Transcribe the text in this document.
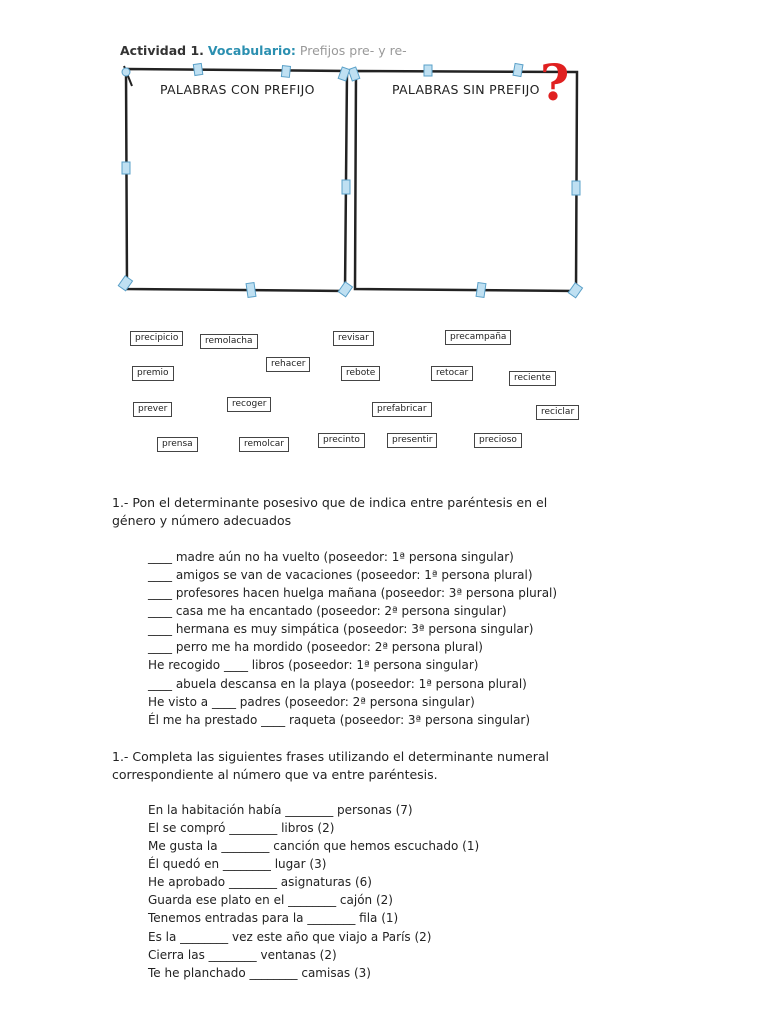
Actividad 1. Vocabulario: Prefijos pre- y re-
PALABRAS CON PREFIJO	PALABRAS SIN PREFIJO ?
precipicio	remolacha	revisar	precampaña
rehacer
premio	rebote	retocar	reciente
prever	recoger	prefabricar	reciclar
prensa	remolcar	precinto	presentir	precioso
1.- Pon el determinante posesivo que de indica entre paréntesis en el género y número adecuados
____ madre aún no ha vuelto (poseedor: 1ª persona singular)
____ amigos se van de vacaciones (poseedor: 1ª persona plural)
____ profesores hacen huelga mañana (poseedor: 3ª persona plural)
____ casa me ha encantado (poseedor: 2ª persona singular)
____ hermana es muy simpática (poseedor: 3ª persona singular)
____ perro me ha mordido (poseedor: 2ª persona plural)
He recogido ____ libros (poseedor: 1ª persona singular)
____ abuela descansa en la playa (poseedor: 1ª persona plural)
He visto a ____ padres (poseedor: 2ª persona singular)
Él me ha prestado ____ raqueta (poseedor: 3ª persona singular)
1.- Completa las siguientes frases utilizando el determinante numeral correspondiente al número que va entre paréntesis.
En la habitación había ________ personas (7)
El se compró ________ libros (2)
Me gusta la ________ canción que hemos escuchado (1)
Él quedó en ________ lugar (3)
He aprobado ________ asignaturas (6)
Guarda ese plato en el ________ cajón (2)
Tenemos entradas para la ________ fila (1)
Es la ________ vez este año que viajo a París (2)
Cierra las ________ ventanas (2)
Te he planchado ________ camisas (3)
